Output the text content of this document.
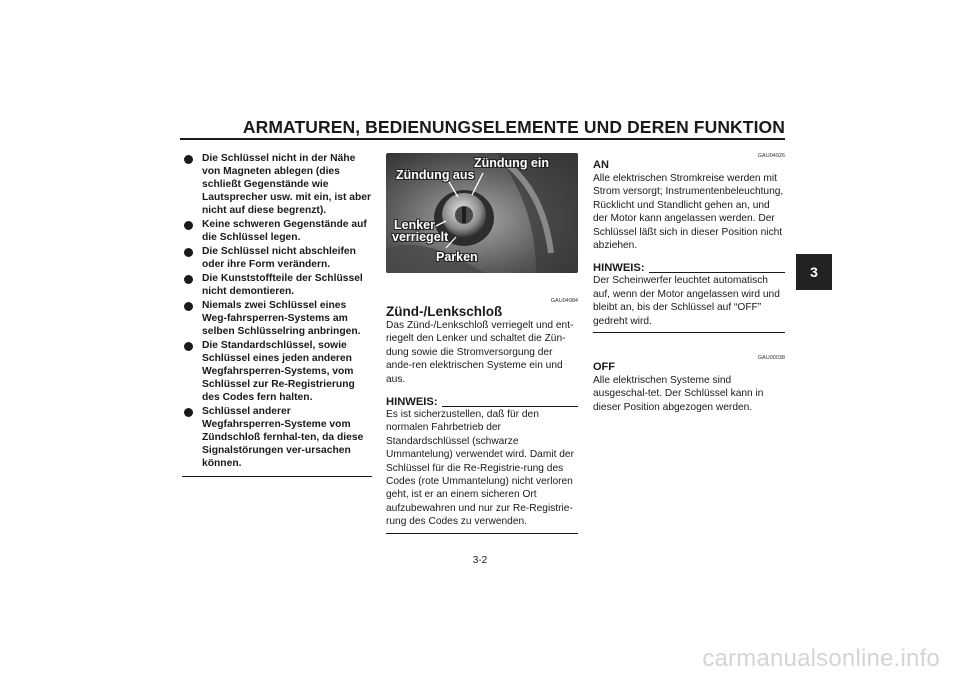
ARMATUREN, BEDIENUNGSELEMENTE UND DEREN FUNKTION
3
Die Schlüssel nicht in der Nähe von Magneten ablegen (dies schließt Gegenstände wie Lautsprecher usw. mit ein, ist aber nicht auf diese begrenzt).
Keine schweren Gegenstände auf die Schlüssel legen.
Die Schlüssel nicht abschleifen oder ihre Form verändern.
Die Kunststoffteile der Schlüssel nicht demontieren.
Niemals zwei Schlüssel eines Weg-fahrsperren-Systems am selben Schlüsselring anbringen.
Die Standardschlüssel, sowie Schlüssel eines jeden anderen Wegfahrsperren-Systems, vom Schlüssel zur Re-Registrierung des Codes fern halten.
Schlüssel anderer Wegfahrsperren-Systeme vom Zündschloß fernhal-ten, da diese Signalstörungen ver-ursachen können.
Zündung ein
Zündung aus
Lenker
verriegelt
Parken
GAU04984
Zünd-/Lenkschloß

Das Zünd-/Lenkschloß verriegelt und ent-riegelt den Lenker und schaltet die Zün-dung sowie die Stromversorgung der ande-ren elektrischen Systeme ein und aus.

HINWEIS:

Es ist sicherzustellen, daß für den normalen Fahrbetrieb der Standardschlüssel (schwarze Ummantelung) verwendet wird. Damit der Schlüssel für die Re-Registrie-rung des Codes (rote Ummantelung) nicht verloren geht, ist er an einem sicheren Ort aufzubewahren und nur zur Re-Registrie-rung des Codes zu verwenden.

GAU04926
AN

Alle elektrischen Stromkreise werden mit Strom versorgt; Instrumentenbeleuchtung, Rücklicht und Standlicht gehen an, und der Motor kann angelassen werden. Der Schlüssel läßt sich in dieser Position nicht abziehen.

HINWEIS:

Der Scheinwerfer leuchtet automatisch auf, wenn der Motor angelassen wird und bleibt an, bis der Schlüssel auf “OFF” gedreht wird.

GAU00038
OFF

Alle elektrischen Systeme sind ausgeschal-tet. Der Schlüssel kann in dieser Position abgezogen werden.

3-2
carmanualsonline.info
